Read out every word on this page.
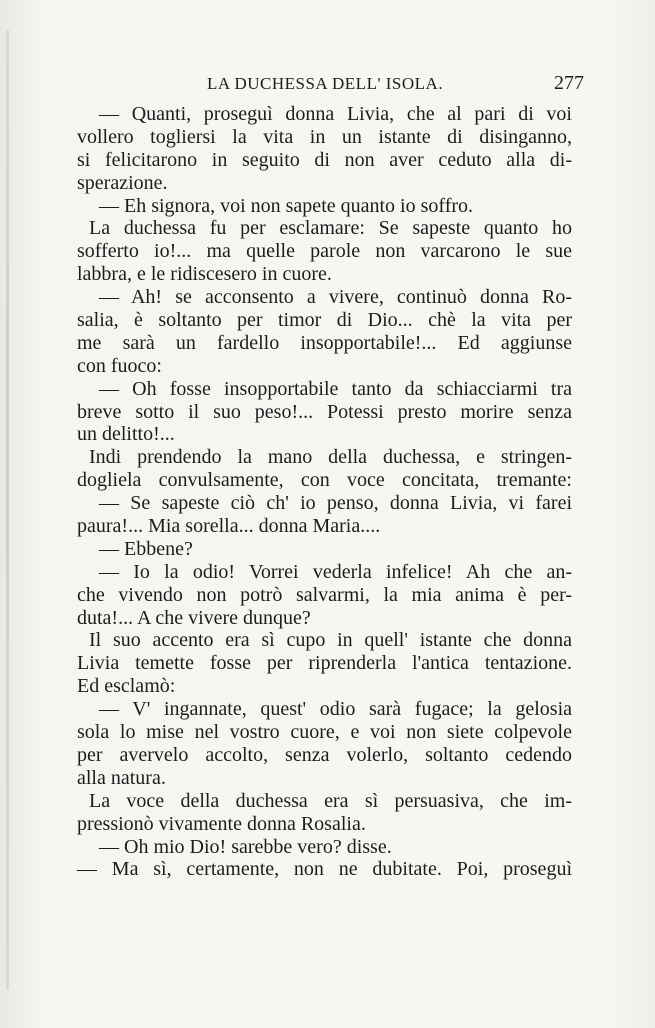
LA DUCHESSA DELL' ISOLA.	277
— Quanti, proseguì donna Livia, che al pari di voi
vollero togliersi la vita in un istante di disinganno,
si felicitarono in seguito di non aver ceduto alla di-
sperazione.
— Eh signora, voi non sapete quanto io soffro.
La duchessa fu per esclamare: Se sapeste quanto ho
sofferto io!... ma quelle parole non varcarono le sue
labbra, e le ridiscesero in cuore.
— Ah! se acconsento a vivere, continuò donna Ro-
salia, è soltanto per timor di Dio... chè la vita per
me sarà un fardello insopportabile!... Ed aggiunse
con fuoco:
— Oh fosse insopportabile tanto da schiacciarmi tra
breve sotto il suo peso!... Potessi presto morire senza
un delitto!...
Indi prendendo la mano della duchessa, e stringen-
dogliela convulsamente, con voce concitata, tremante:
— Se sapeste ciò ch' io penso, donna Livia, vi farei
paura!... Mia sorella... donna Maria....
— Ebbene?
— Io la odio! Vorrei vederla infelice! Ah che an-
che vivendo non potrò salvarmi, la mia anima è per-
duta!... A che vivere dunque?
Il suo accento era sì cupo in quell' istante che donna
Livia temette fosse per riprenderla l'antica tentazione.
Ed esclamò:
— V' ingannate, quest' odio sarà fugace; la gelosia
sola lo mise nel vostro cuore, e voi non siete colpevole
per avervelo accolto, senza volerlo, soltanto cedendo
alla natura.
La voce della duchessa era sì persuasiva, che im-
pressionò vivamente donna Rosalia.
— Oh mio Dio! sarebbe vero? disse.
— Ma sì, certamente, non ne dubitate. Poi, proseguì
